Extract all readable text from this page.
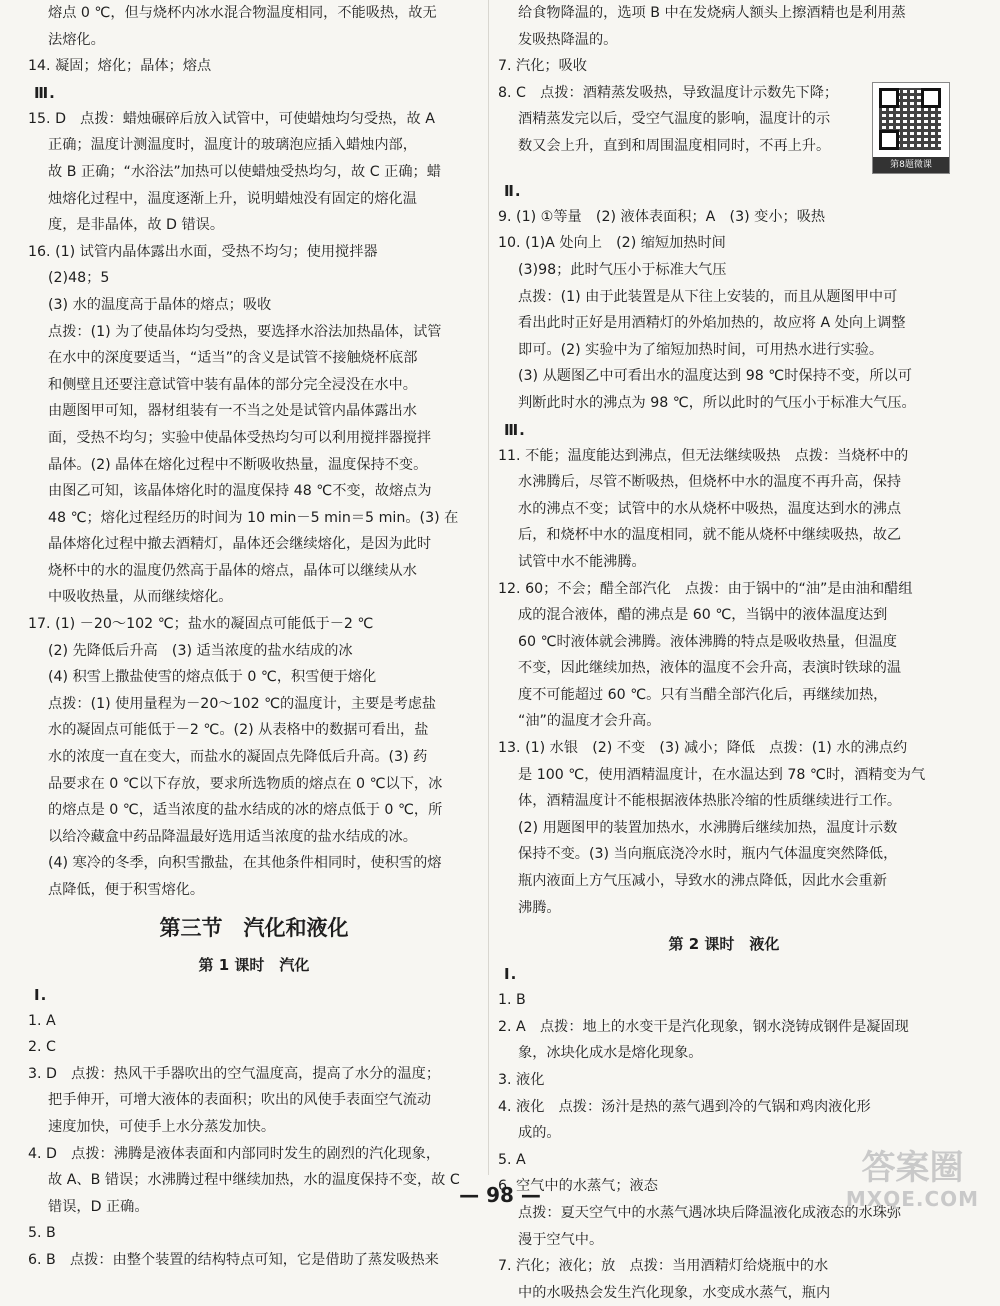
熔点 0 ℃，但与烧杯内冰水混合物温度相同，不能吸热，故无

法熔化。

14. 凝固；熔化；晶体；熔点

Ⅲ.

15. D　点拨：蜡烛碾碎后放入试管中，可使蜡烛均匀受热，故 A

正确；温度计测温度时，温度计的玻璃泡应插入蜡烛内部，

故 B 正确；“水浴法”加热可以使蜡烛受热均匀，故 C 正确；蜡

烛熔化过程中，温度逐渐上升，说明蜡烛没有固定的熔化温

度，是非晶体，故 D 错误。

16. (1) 试管内晶体露出水面，受热不均匀；使用搅拌器

(2)48；5

(3) 水的温度高于晶体的熔点；吸收

点拨：(1) 为了使晶体均匀受热，要选择水浴法加热晶体，试管

在水中的深度要适当，“适当”的含义是试管不接触烧杯底部

和侧壁且还要注意试管中装有晶体的部分完全浸没在水中。

由题图甲可知，器材组装有一不当之处是试管内晶体露出水

面，受热不均匀；实验中使晶体受热均匀可以利用搅拌器搅拌

晶体。(2) 晶体在熔化过程中不断吸收热量，温度保持不变。

由图乙可知，该晶体熔化时的温度保持 48 ℃不变，故熔点为

48 ℃；熔化过程经历的时间为 10 min－5 min＝5 min。(3) 在

晶体熔化过程中撤去酒精灯，晶体还会继续熔化，是因为此时

烧杯中的水的温度仍然高于晶体的熔点，晶体可以继续从水

中吸收热量，从而继续熔化。

17. (1) －20～102 ℃；盐水的凝固点可能低于－2 ℃

(2) 先降低后升高　(3) 适当浓度的盐水结成的冰

(4) 积雪上撒盐使雪的熔点低于 0 ℃，积雪便于熔化

点拨：(1) 使用量程为－20～102 ℃的温度计，主要是考虑盐

水的凝固点可能低于－2 ℃。(2) 从表格中的数据可看出，盐

水的浓度一直在变大，而盐水的凝固点先降低后升高。(3) 药

品要求在 0 ℃以下存放，要求所选物质的熔点在 0 ℃以下，冰

的熔点是 0 ℃，适当浓度的盐水结成的冰的熔点低于 0 ℃，所

以给冷藏盒中药品降温最好选用适当浓度的盐水结成的冰。

(4) 寒冷的冬季，向积雪撒盐，在其他条件相同时，使积雪的熔

点降低，便于积雪熔化。

第三节　汽化和液化
第 1 课时　汽化
Ⅰ.

1. A

2. C

3. D　点拨：热风干手器吹出的空气温度高，提高了水分的温度；

把手伸开，可增大液体的表面积；吹出的风使手表面空气流动

速度加快，可使手上水分蒸发加快。

4. D　点拨：沸腾是液体表面和内部同时发生的剧烈的汽化现象，

故 A、B 错误；水沸腾过程中继续加热，水的温度保持不变，故 C

错误，D 正确。

5. B

6. B　点拨：由整个装置的结构特点可知，它是借助了蒸发吸热来

给食物降温的，选项 B 中在发烧病人额头上擦酒精也是利用蒸

发吸热降温的。

7. 汽化；吸收

第8题微课

8. C　点拨：酒精蒸发吸热，导致温度计示数先下降；

酒精蒸发完以后，受空气温度的影响，温度计的示

数又会上升，直到和周围温度相同时，不再上升。

Ⅱ.

9. (1) ①等量　(2) 液体表面积；A　(3) 变小；吸热

10. (1)A 处向上　(2) 缩短加热时间

(3)98；此时气压小于标准大气压

点拨：(1) 由于此装置是从下往上安装的，而且从题图甲中可

看出此时正好是用酒精灯的外焰加热的，故应将 A 处向上调整

即可。(2) 实验中为了缩短加热时间，可用热水进行实验。

(3) 从题图乙中可看出水的温度达到 98 ℃时保持不变，所以可

判断此时水的沸点为 98 ℃，所以此时的气压小于标准大气压。

Ⅲ.

11. 不能；温度能达到沸点，但无法继续吸热　点拨：当烧杯中的

水沸腾后，尽管不断吸热，但烧杯中水的温度不再升高，保持

水的沸点不变；试管中的水从烧杯中吸热，温度达到水的沸点

后，和烧杯中水的温度相同，就不能从烧杯中继续吸热，故乙

试管中水不能沸腾。

12. 60；不会；醋全部汽化　点拨：由于锅中的“油”是由油和醋组

成的混合液体，醋的沸点是 60 ℃，当锅中的液体温度达到

60 ℃时液体就会沸腾。液体沸腾的特点是吸收热量，但温度

不变，因此继续加热，液体的温度不会升高，表演时铁球的温

度不可能超过 60 ℃。只有当醋全部汽化后，再继续加热，

“油”的温度才会升高。

13. (1) 水银　(2) 不变　(3) 减小；降低　点拨：(1) 水的沸点约

是 100 ℃，使用酒精温度计，在水温达到 78 ℃时，酒精变为气

体，酒精温度计不能根据液体热胀冷缩的性质继续进行工作。

(2) 用题图甲的装置加热水，水沸腾后继续加热，温度计示数

保持不变。(3) 当向瓶底浇冷水时，瓶内气体温度突然降低，

瓶内液面上方气压减小，导致水的沸点降低，因此水会重新

沸腾。

第 2 课时　液化
Ⅰ.

1. B

2. A　点拨：地上的水变干是汽化现象，钢水浇铸成钢件是凝固现

象，冰块化成水是熔化现象。

3. 液化

4. 液化　点拨：汤汁是热的蒸气遇到冷的气锅和鸡肉液化形

成的。

5. A

6. 空气中的水蒸气；液态

点拨：夏天空气中的水蒸气遇冰块后降温液化成液态的水珠弥

漫于空气中。

7. 汽化；液化；放　点拨：当用酒精灯给烧瓶中的水

中的水吸热会发生汽化现象，水变成水蒸气，瓶内

— 98 —
答案圈
MXQE.COM
